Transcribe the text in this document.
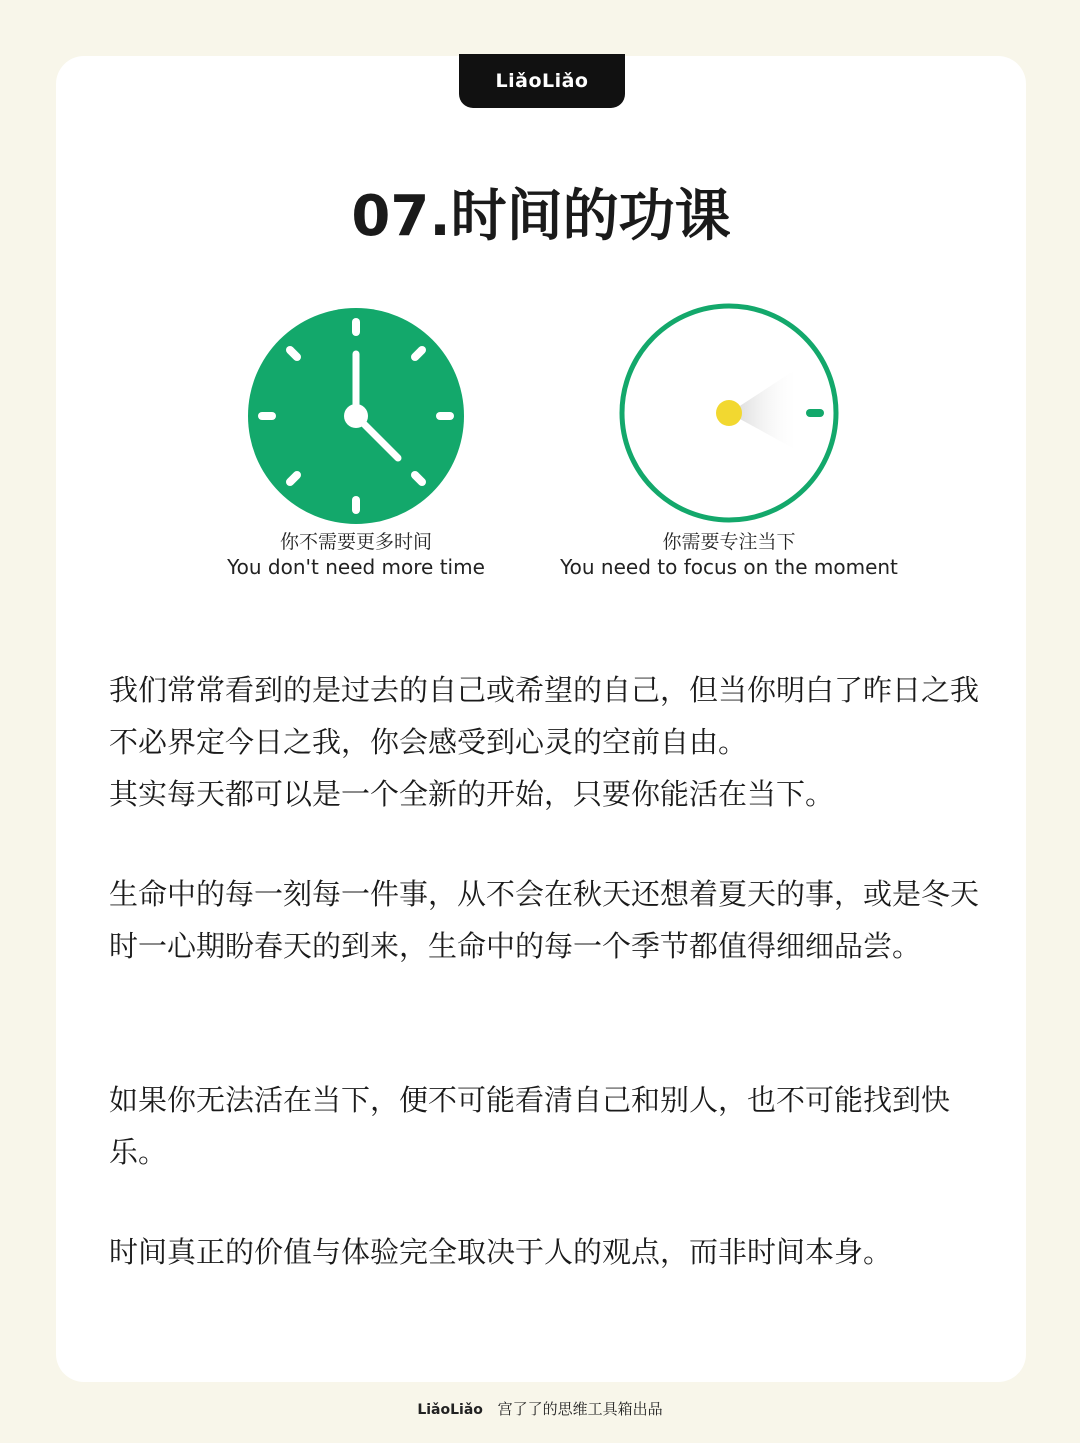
LiǎoLiǎo
07.时间的功课
你不需要更多时间
You don't need more time
你需要专注当下
You need to focus on the moment

我们常常看到的是过去的自己或希望的自己，但当你明白了昨日之我不必界定今日之我，你会感受到心灵的空前自由。
其实每天都可以是一个全新的开始，只要你能活在当下。

生命中的每一刻每一件事，从不会在秋天还想着夏天的事，或是冬天时一心期盼春天的到来，生命中的每一个季节都值得细细品尝。

如果你无法活在当下，便不可能看清自己和别人，也不可能找到快乐。

时间真正的价值与体验完全取决于人的观点，而非时间本身。

LiǎoLiǎo 宫了了的思维工具箱出品
